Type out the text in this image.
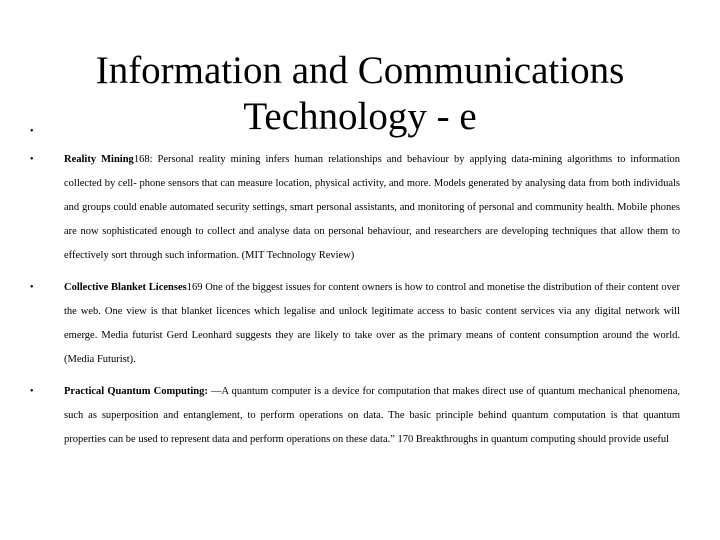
Information and Communications
Technology - e
•
•	Reality Mining168: Personal reality mining infers human relationships and behaviour by applying data-mining algorithms to information collected by cell- phone sensors that can measure location, physical activity, and more. Models generated by analysing data from both individuals and groups could enable automated security settings, smart personal assistants, and monitoring of personal and community health. Mobile phones are now sophisticated enough to collect and analyse data on personal behaviour, and researchers are developing techniques that allow them to effectively sort through such information. (MIT Technology Review)
•	Collective Blanket Licenses169 One of the biggest issues for content owners is how to control and monetise the distribution of their content over the web. One view is that blanket licences which legalise and unlock legitimate access to basic content services via any digital network will emerge. Media futurist Gerd Leonhard suggests they are likely to take over as the primary means of content consumption around the world. (Media Futurist).
•	Practical Quantum Computing: ―A quantum computer is a device for computation that makes direct use of quantum mechanical phenomena, such as superposition and entanglement, to perform operations on data. The basic principle behind quantum computation is that quantum properties can be used to represent data and perform operations on these data.” 170 Breakthroughs in quantum computing should provide useful
